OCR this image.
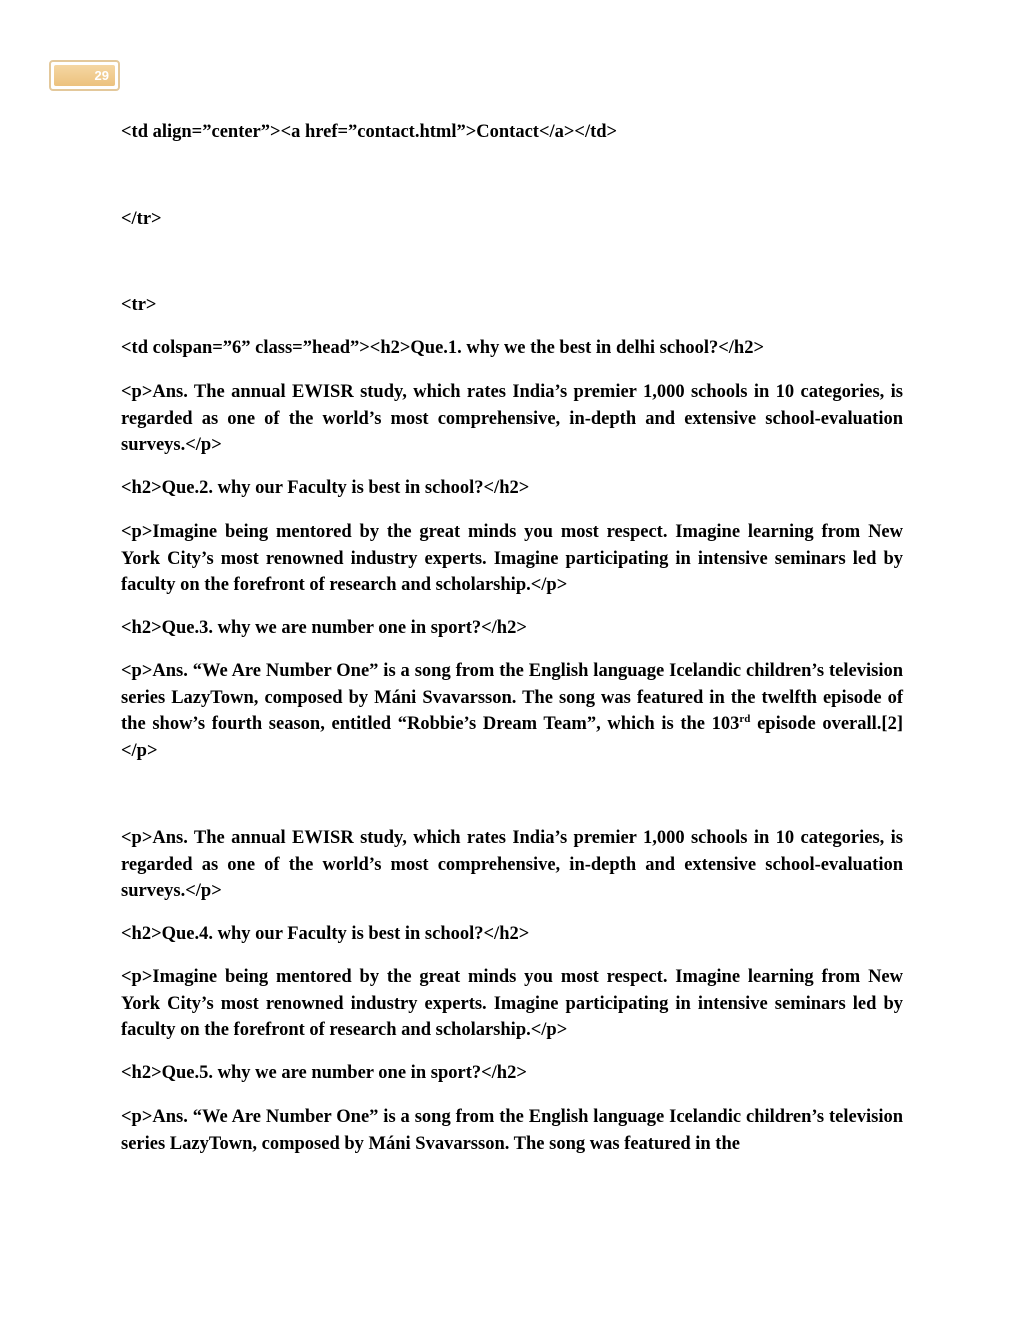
29
<td align=”center”><a href=”contact.html”>Contact</a></td>
</tr>
<tr>
<td colspan=”6” class=”head”><h2>Que.1. why we the best in delhi school?</h2>
<p>Ans. The annual EWISR study, which rates India’s premier 1,000 schools in 10 categories, is regarded as one of the world’s most comprehensive, in-depth and extensive school-evaluation surveys.</p>
<h2>Que.2. why our Faculty is best in school?</h2>
<p>Imagine being mentored by the great minds you most respect. Imagine learning from New York City’s most renowned industry experts. Imagine participating in intensive seminars led by faculty on the forefront of research and scholarship.</p>
<h2>Que.3. why we are number one in sport?</h2>
<p>Ans. “We Are Number One” is a song from the English language Icelandic children’s television series LazyTown, composed by Máni Svavarsson. The song was featured in the twelfth episode of the show’s fourth season, entitled “Robbie’s Dream Team”, which is the 103rd episode overall.[2]</p>
<p>Ans. The annual EWISR study, which rates India’s premier 1,000 schools in 10 categories, is regarded as one of the world’s most comprehensive, in-depth and extensive school-evaluation surveys.</p>
<h2>Que.4. why our Faculty is best in school?</h2>
<p>Imagine being mentored by the great minds you most respect. Imagine learning from New York City’s most renowned industry experts. Imagine participating in intensive seminars led by faculty on the forefront of research and scholarship.</p>
<h2>Que.5. why we are number one in sport?</h2>
<p>Ans. “We Are Number One” is a song from the English language Icelandic children’s television series LazyTown, composed by Máni Svavarsson. The song was featured in the
